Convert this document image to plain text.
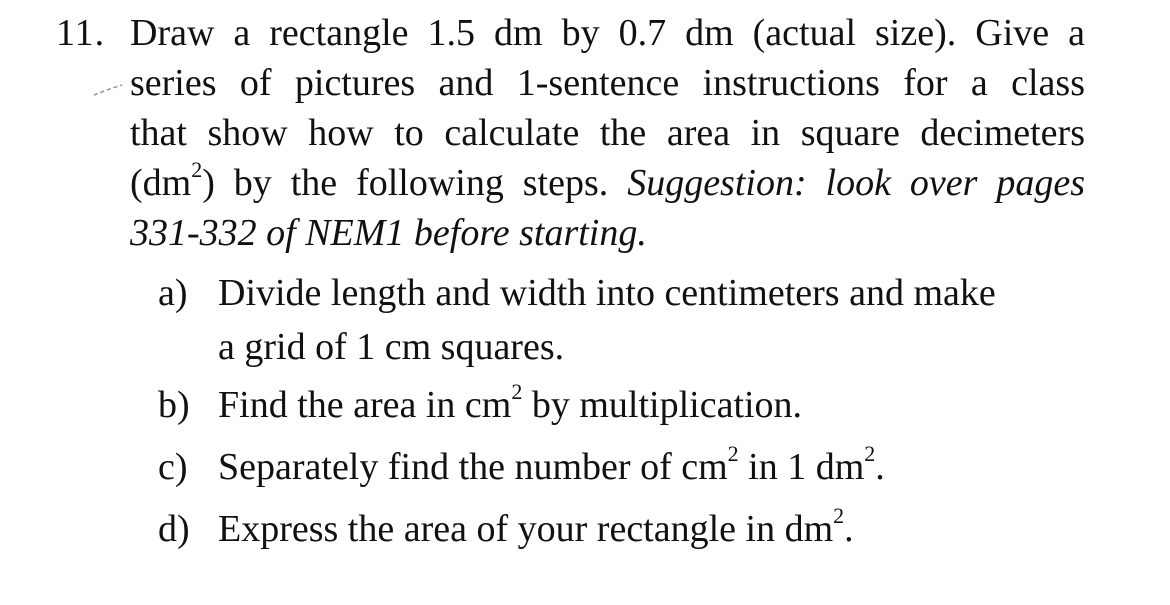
11. Draw a rectangle 1.5 dm by 0.7 dm (actual size). Give a
series of pictures and 1-sentence instructions for a class
that show how to calculate the area in square decimeters
$(dm^2)$ by the following steps. Suggestion: look over pages
331-332 of NEM1 before starting.
a) Divide length and width into centimeters and make
a grid of 1 cm squares.
b) Find the area in $cm^2$ by multiplication.
c) Separately find the number of $cm^2$ in 1 $dm^2$.
d) Express the area of your rectangle in $dm^2$.
